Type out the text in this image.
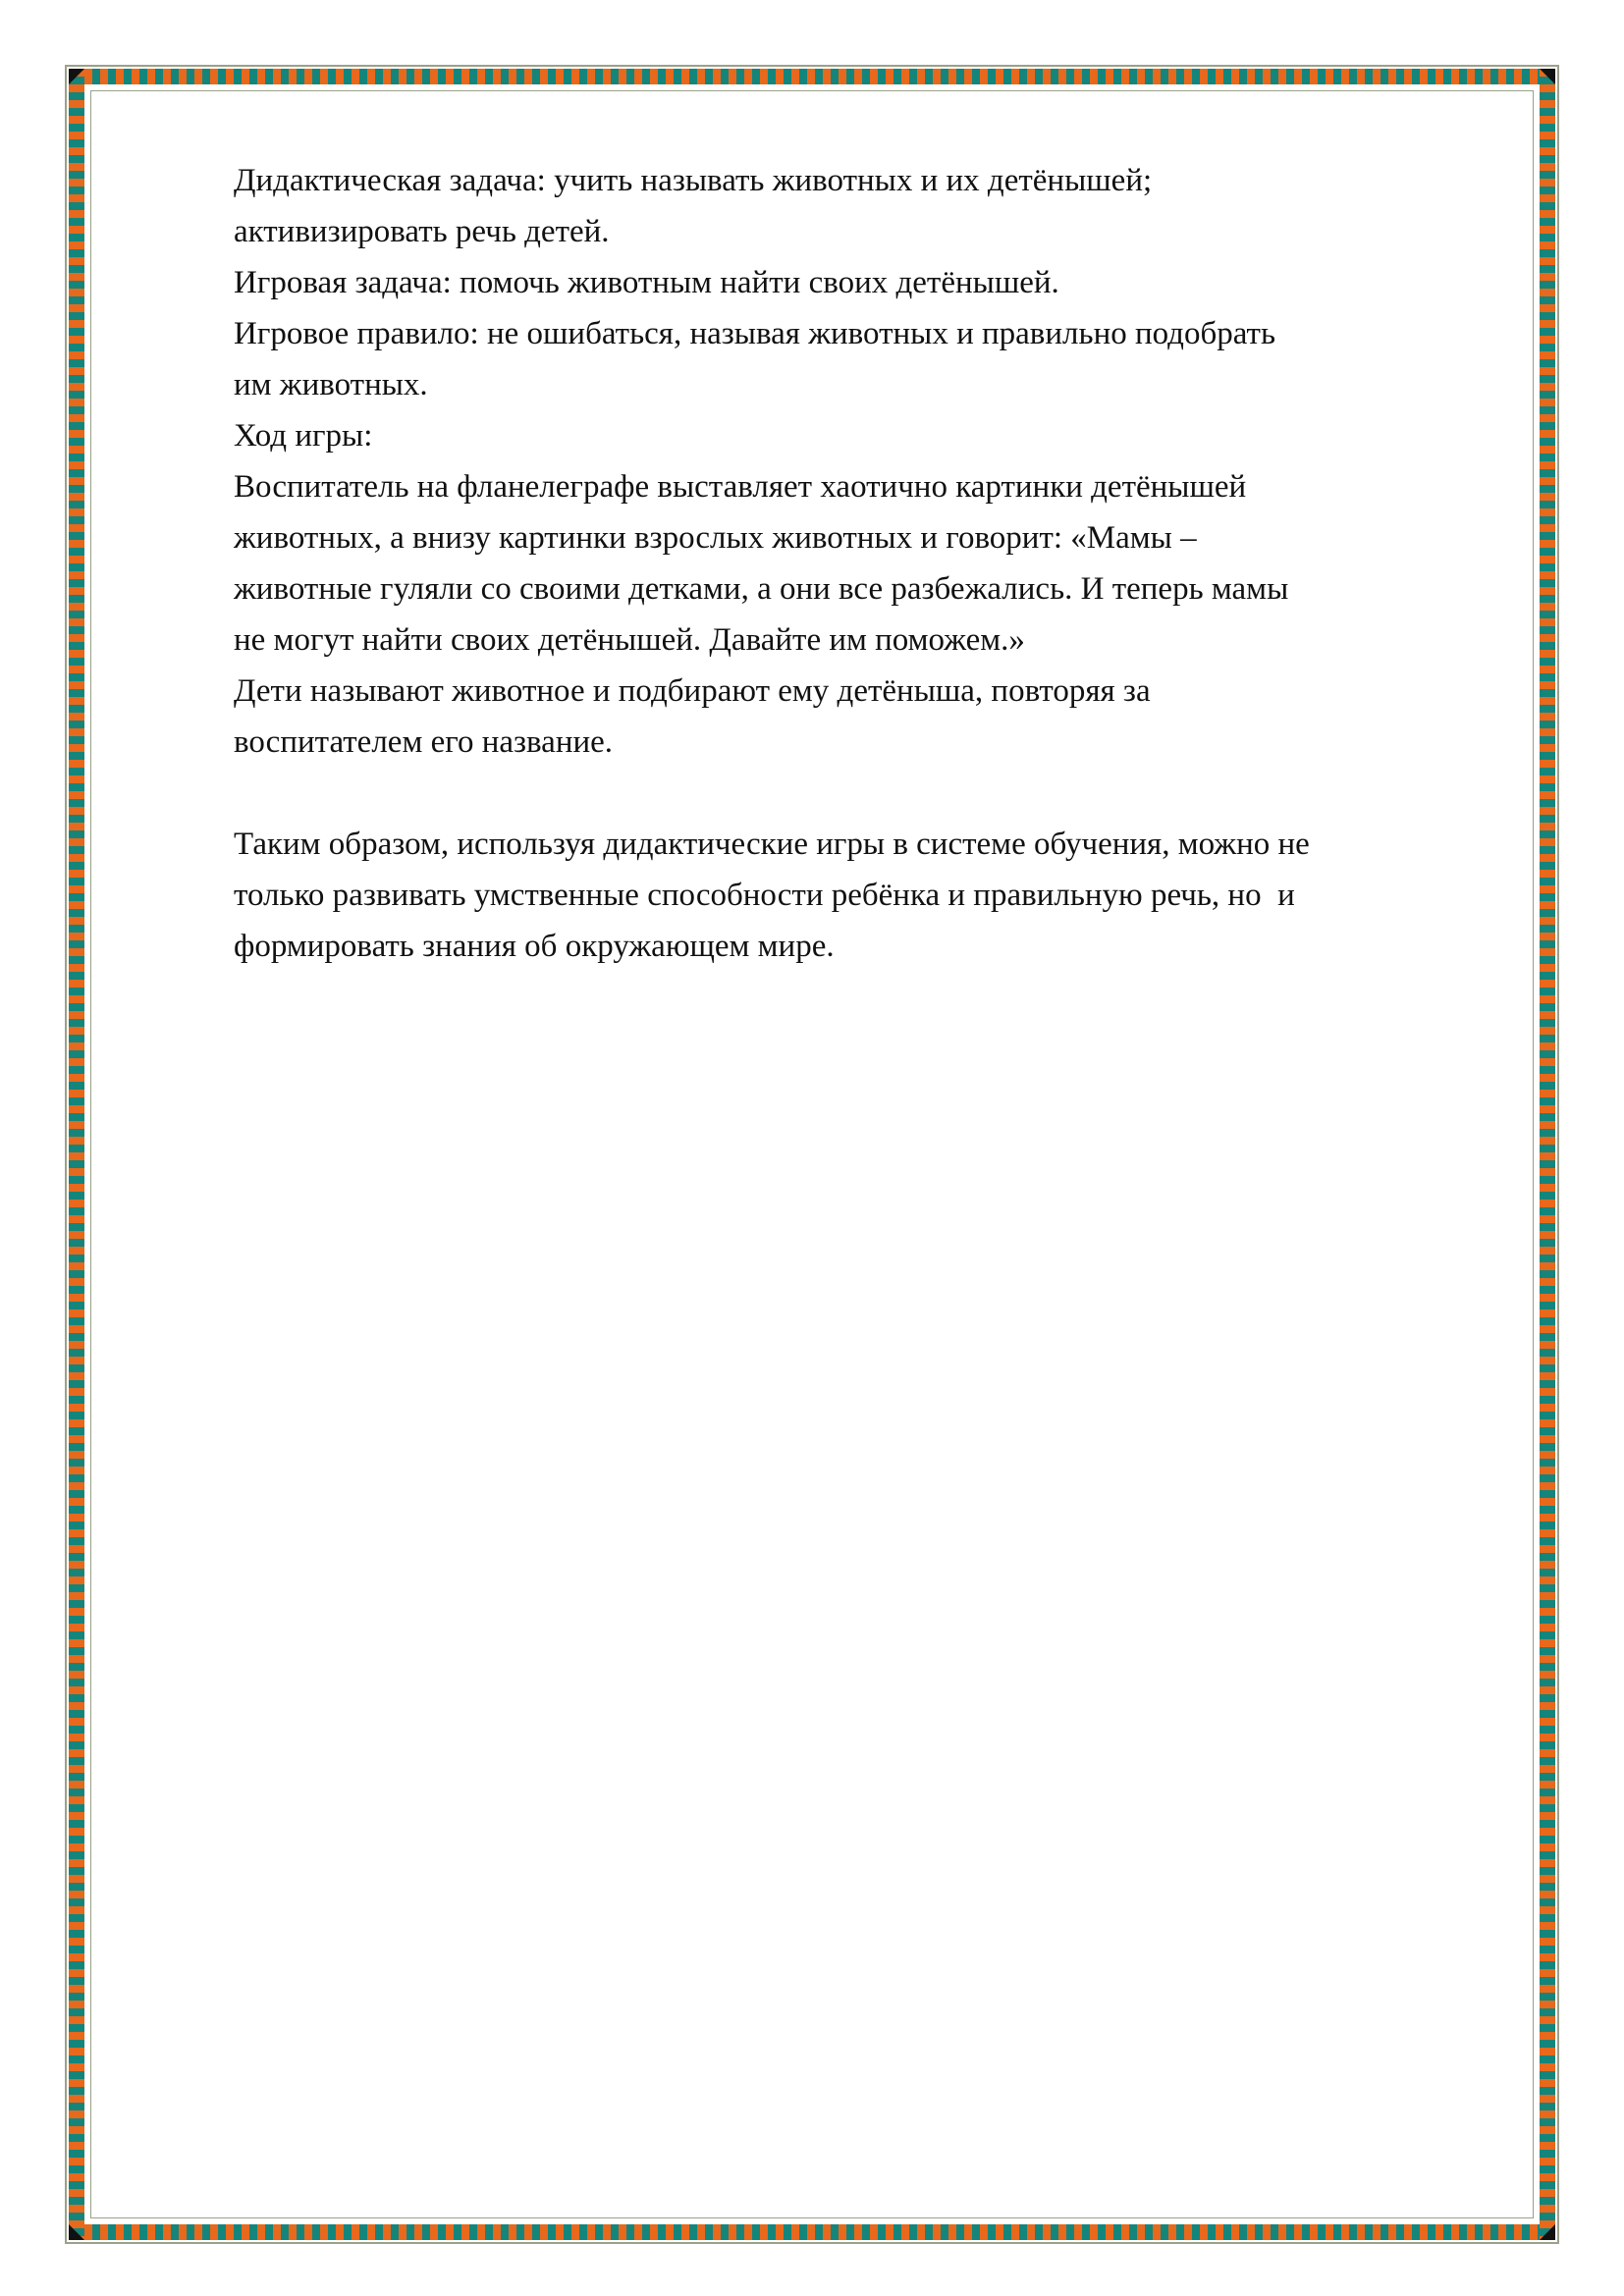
Дидактическая задача: учить называть животных и их детёнышей;

активизировать речь детей.

Игровая задача: помочь животным найти своих детёнышей.

Игровое правило: не ошибаться, называя животных и правильно подобрать

им животных.

Ход игры:

Воспитатель на фланелеграфе выставляет хаотично картинки детёнышей

животных, а внизу картинки взрослых животных и говорит: «Мамы –

животные гуляли со своими детками, а они все разбежались. И теперь мамы

не могут найти своих детёнышей. Давайте им поможем.»

Дети называют животное и подбирают ему детёныша, повторяя за

воспитателем его название.

Таким образом, используя дидактические игры в системе обучения, можно не

только развивать умственные способности ребёнка и правильную речь, но  и

формировать знания об окружающем мире.
